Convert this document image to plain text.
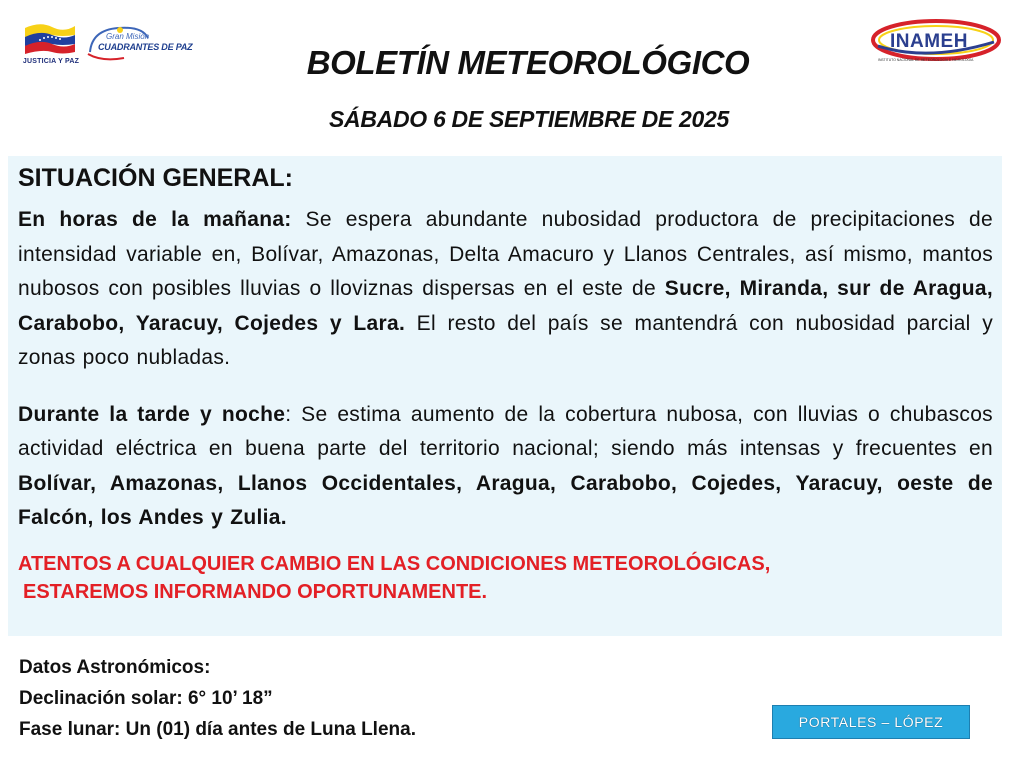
JUSTICIA Y PAZ
Gran Misión
CUADRANTES DE PAZ	INAMEH
INSTITUTO NACIONAL DE METEOROLOGÍA E HIDROLOGÍA
BOLETÍN METEOROLÓGICO
SÁBADO 6 DE SEPTIEMBRE DE 2025
SITUACIÓN GENERAL:

En horas de la mañana: Se espera abundante nubosidad productora de precipitaciones de intensidad variable en, Bolívar, Amazonas, Delta Amacuro y Llanos Centrales, así mismo, mantos nubosos con posibles lluvias o lloviznas dispersas en el este de Sucre, Miranda, sur de Aragua, Carabobo, Yaracuy, Cojedes y Lara. El resto del país se mantendrá con nubosidad parcial y zonas poco nubladas.

Durante la tarde y noche: Se estima aumento de la cobertura nubosa, con lluvias o chubascos actividad eléctrica en buena parte del territorio nacional; siendo más intensas y frecuentes en Bolívar, Amazonas, Llanos Occidentales, Aragua, Carabobo, Cojedes, Yaracuy, oeste de Falcón, los Andes y Zulia.

ATENTOS A CUALQUIER CAMBIO EN LAS CONDICIONES METEOROLÓGICAS,
ESTAREMOS INFORMANDO OPORTUNAMENTE.
Datos Astronómicos:
Declinación solar: 6° 10’ 18”
Fase lunar: Un (01) día antes de Luna Llena.	PORTALES – LÓPEZ
